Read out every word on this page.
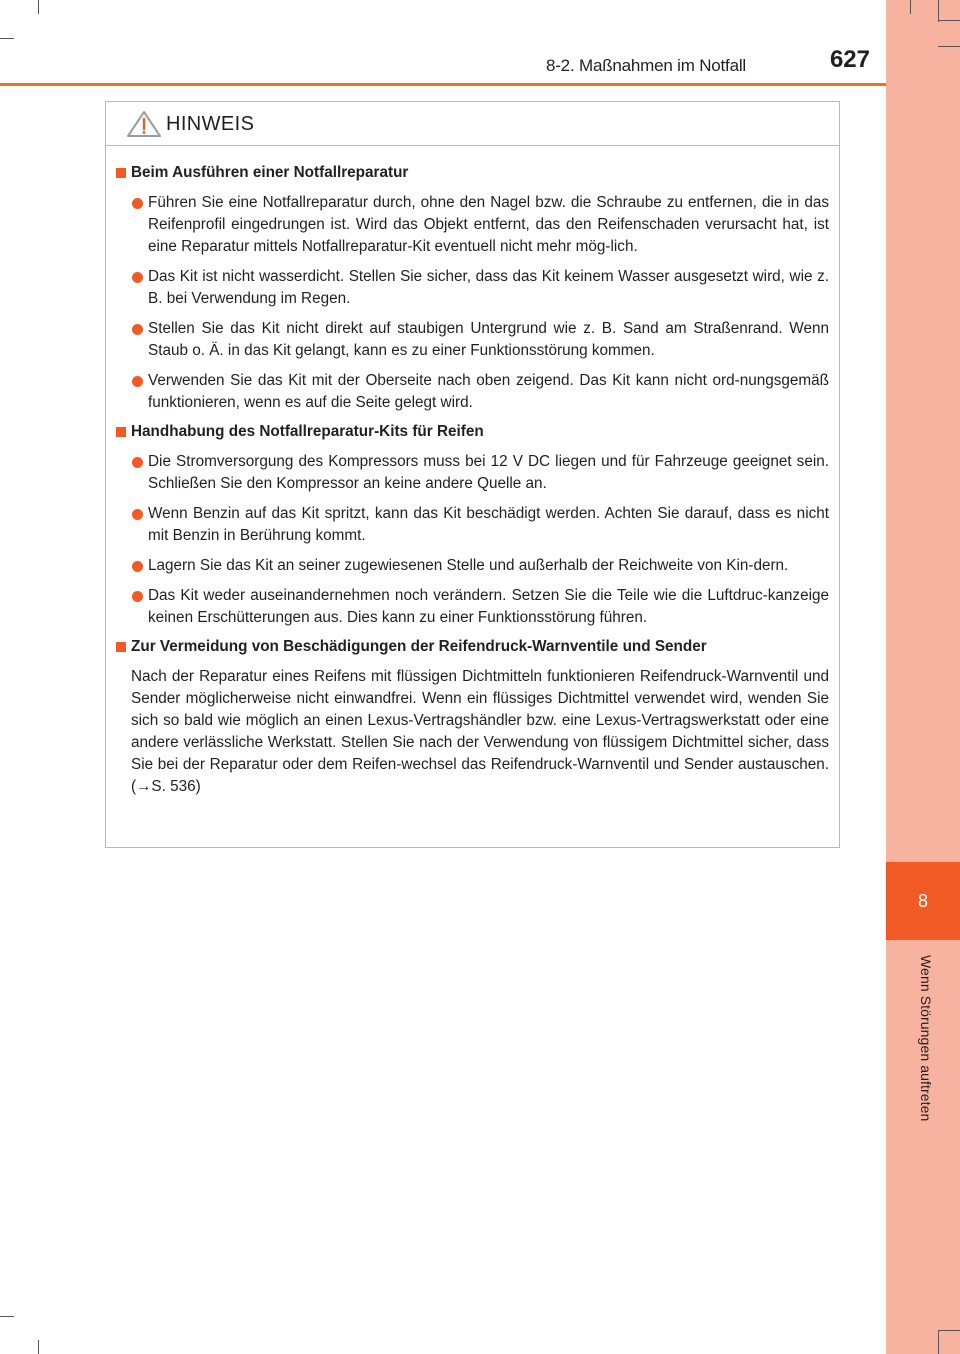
8-2. Maßnahmen im Notfall	627
8
Wenn Störungen auftreten
HINWEIS
Beim Ausführen einer Notfallreparatur
Führen Sie eine Notfallreparatur durch, ohne den Nagel bzw. die Schraube zu entfernen, die in das Reifenprofil eingedrungen ist. Wird das Objekt entfernt, das den Reifenschaden verursacht hat, ist eine Reparatur mittels Notfallreparatur-Kit eventuell nicht mehr mög-lich.
Das Kit ist nicht wasserdicht. Stellen Sie sicher, dass das Kit keinem Wasser ausgesetzt wird, wie z. B. bei Verwendung im Regen.
Stellen Sie das Kit nicht direkt auf staubigen Untergrund wie z. B. Sand am Straßenrand. Wenn Staub o. Ä. in das Kit gelangt, kann es zu einer Funktionsstörung kommen.
Verwenden Sie das Kit mit der Oberseite nach oben zeigend. Das Kit kann nicht ord-nungsgemäß funktionieren, wenn es auf die Seite gelegt wird.
Handhabung des Notfallreparatur-Kits für Reifen
Die Stromversorgung des Kompressors muss bei 12 V DC liegen und für Fahrzeuge geeignet sein. Schließen Sie den Kompressor an keine andere Quelle an.
Wenn Benzin auf das Kit spritzt, kann das Kit beschädigt werden. Achten Sie darauf, dass es nicht mit Benzin in Berührung kommt.
Lagern Sie das Kit an seiner zugewiesenen Stelle und außerhalb der Reichweite von Kin-dern.
Das Kit weder auseinandernehmen noch verändern. Setzen Sie die Teile wie die Luftdruc-kanzeige keinen Erschütterungen aus. Dies kann zu einer Funktionsstörung führen.
Zur Vermeidung von Beschädigungen der Reifendruck-Warnventile und Sender

Nach der Reparatur eines Reifens mit flüssigen Dichtmitteln funktionieren Reifendruck-Warnventil und Sender möglicherweise nicht einwandfrei. Wenn ein flüssiges Dichtmittel verwendet wird, wenden Sie sich so bald wie möglich an einen Lexus-Vertragshändler bzw. eine Lexus-Vertragswerkstatt oder eine andere verlässliche Werkstatt. Stellen Sie nach der Verwendung von flüssigem Dichtmittel sicher, dass Sie bei der Reparatur oder dem Reifen-wechsel das Reifendruck-Warnventil und Sender austauschen. (→S. 536)
